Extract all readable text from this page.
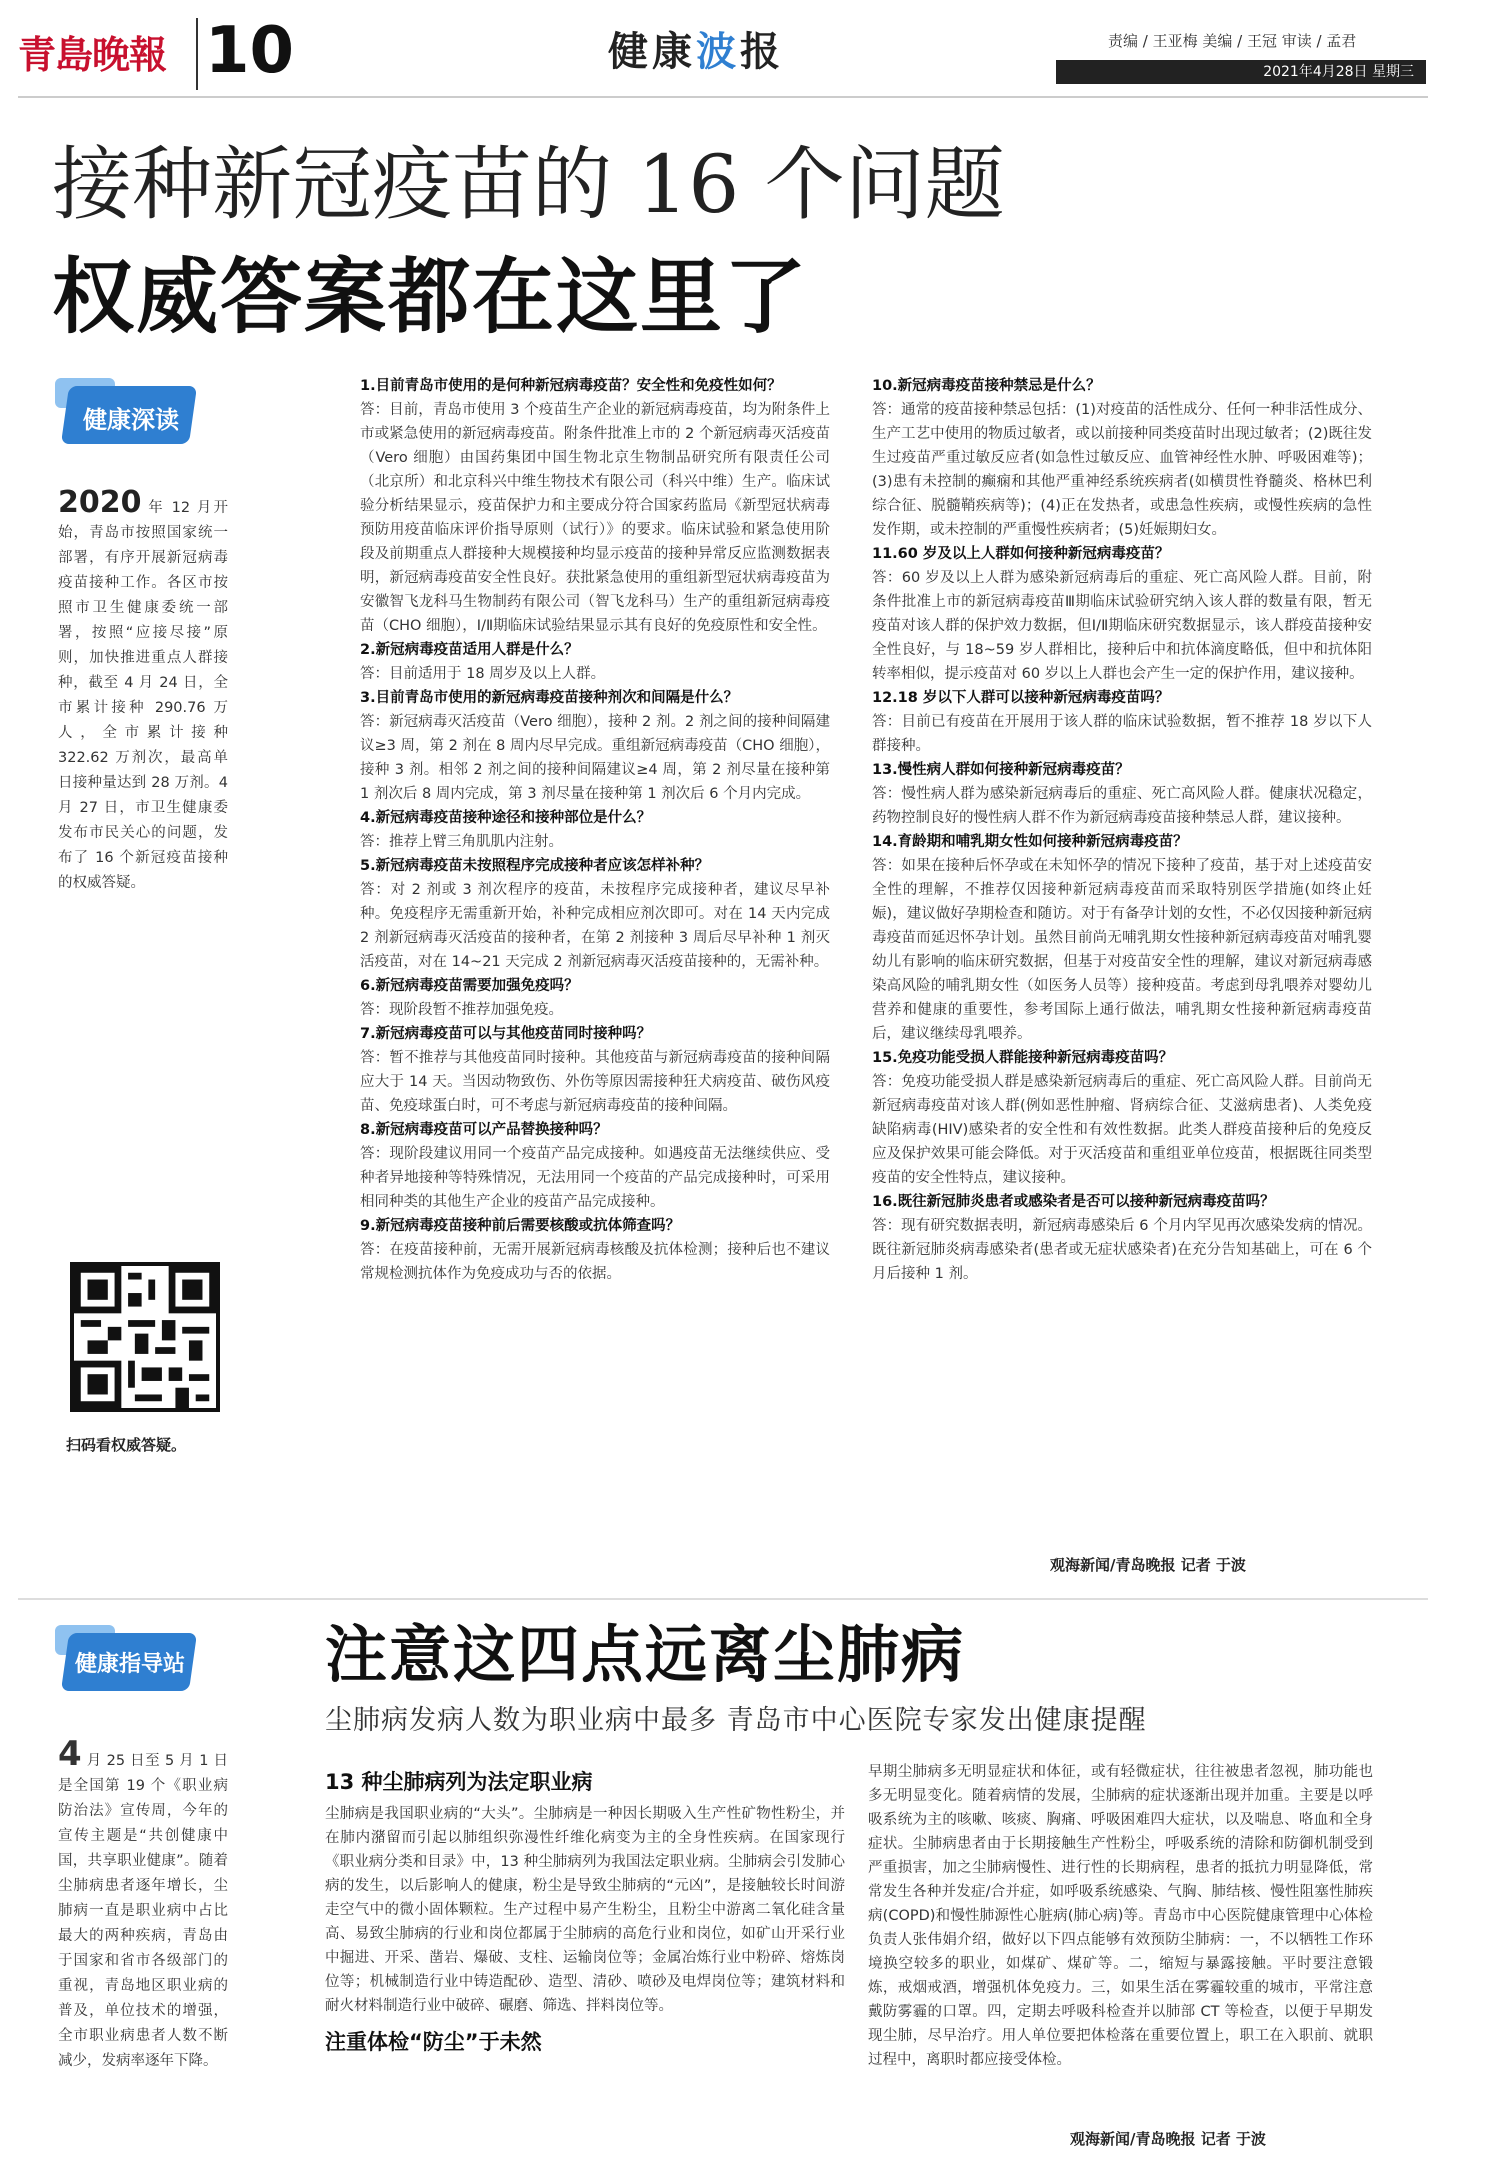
青島晚報 10	健康波报	责编 / 王亚梅 美编 / 王冠 审读 / 孟君
2021年4月28日 星期三
接种新冠疫苗的 16 个问题
权威答案都在这里了
健康深读
2020 年 12 月开始，青岛市按照国家统一部署，有序开展新冠病毒疫苗接种工作。各区市按照市卫生健康委统一部署，按照“应接尽接”原则，加快推进重点人群接种，截至 4 月 24 日，全市累计接种 290.76 万人，全市累计接种 322.62 万剂次，最高单日接种量达到 28 万剂。4 月 27 日，市卫生健康委发布市民关心的问题，发布了 16 个新冠疫苗接种的权威答疑。
扫码看权威答疑。
1.目前青岛市使用的是何种新冠病毒疫苗？安全性和免疫性如何？
答：目前，青岛市使用 3 个疫苗生产企业的新冠病毒疫苗，均为附条件上市或紧急使用的新冠病毒疫苗。附条件批准上市的 2 个新冠病毒灭活疫苗（Vero 细胞）由国药集团中国生物北京生物制品研究所有限责任公司（北京所）和北京科兴中维生物技术有限公司（科兴中维）生产。临床试验分析结果显示，疫苗保护力和主要成分符合国家药监局《新型冠状病毒预防用疫苗临床评价指导原则（试行）》的要求。临床试验和紧急使用阶段及前期重点人群接种大规模接种均显示疫苗的接种异常反应监测数据表明，新冠病毒疫苗安全性良好。获批紧急使用的重组新型冠状病毒疫苗为安徽智飞龙科马生物制药有限公司（智飞龙科马）生产的重组新冠病毒疫苗（CHO 细胞），Ⅰ/Ⅱ期临床试验结果显示其有良好的免疫原性和安全性。
2.新冠病毒疫苗适用人群是什么？
答：目前适用于 18 周岁及以上人群。
3.目前青岛市使用的新冠病毒疫苗接种剂次和间隔是什么？
答：新冠病毒灭活疫苗（Vero 细胞），接种 2 剂。2 剂之间的接种间隔建议≥3 周，第 2 剂在 8 周内尽早完成。重组新冠病毒疫苗（CHO 细胞），接种 3 剂。相邻 2 剂之间的接种间隔建议≥4 周，第 2 剂尽量在接种第 1 剂次后 8 周内完成，第 3 剂尽量在接种第 1 剂次后 6 个月内完成。
4.新冠病毒疫苗接种途径和接种部位是什么？
答：推荐上臂三角肌肌内注射。
5.新冠病毒疫苗未按照程序完成接种者应该怎样补种？
答：对 2 剂或 3 剂次程序的疫苗，未按程序完成接种者，建议尽早补种。免疫程序无需重新开始，补种完成相应剂次即可。对在 14 天内完成 2 剂新冠病毒灭活疫苗的接种者，在第 2 剂接种 3 周后尽早补种 1 剂灭活疫苗，对在 14~21 天完成 2 剂新冠病毒灭活疫苗接种的，无需补种。
6.新冠病毒疫苗需要加强免疫吗？
答：现阶段暂不推荐加强免疫。
7.新冠病毒疫苗可以与其他疫苗同时接种吗？
答：暂不推荐与其他疫苗同时接种。其他疫苗与新冠病毒疫苗的接种间隔应大于 14 天。当因动物致伤、外伤等原因需接种狂犬病疫苗、破伤风疫苗、免疫球蛋白时，可不考虑与新冠病毒疫苗的接种间隔。
8.新冠病毒疫苗可以产品替换接种吗？
答：现阶段建议用同一个疫苗产品完成接种。如遇疫苗无法继续供应、受种者异地接种等特殊情况，无法用同一个疫苗的产品完成接种时，可采用相同种类的其他生产企业的疫苗产品完成接种。
9.新冠病毒疫苗接种前后需要核酸或抗体筛查吗？
答：在疫苗接种前，无需开展新冠病毒核酸及抗体检测；接种后也不建议常规检测抗体作为免疫成功与否的依据。
10.新冠病毒疫苗接种禁忌是什么？
答：通常的疫苗接种禁忌包括：(1)对疫苗的活性成分、任何一种非活性成分、生产工艺中使用的物质过敏者，或以前接种同类疫苗时出现过敏者；(2)既往发生过疫苗严重过敏反应者(如急性过敏反应、血管神经性水肿、呼吸困难等)；(3)患有未控制的癫痫和其他严重神经系统疾病者(如横贯性脊髓炎、格林巴利综合征、脱髓鞘疾病等)；(4)正在发热者，或患急性疾病，或慢性疾病的急性发作期，或未控制的严重慢性疾病者；(5)妊娠期妇女。
11.60 岁及以上人群如何接种新冠病毒疫苗？
答：60 岁及以上人群为感染新冠病毒后的重症、死亡高风险人群。目前，附条件批准上市的新冠病毒疫苗Ⅲ期临床试验研究纳入该人群的数量有限，暂无疫苗对该人群的保护效力数据，但Ⅰ/Ⅱ期临床研究数据显示，该人群疫苗接种安全性良好，与 18~59 岁人群相比，接种后中和抗体滴度略低，但中和抗体阳转率相似，提示疫苗对 60 岁以上人群也会产生一定的保护作用，建议接种。
12.18 岁以下人群可以接种新冠病毒疫苗吗？
答：目前已有疫苗在开展用于该人群的临床试验数据，暂不推荐 18 岁以下人群接种。
13.慢性病人群如何接种新冠病毒疫苗？
答：慢性病人群为感染新冠病毒后的重症、死亡高风险人群。健康状况稳定，药物控制良好的慢性病人群不作为新冠病毒疫苗接种禁忌人群，建议接种。
14.育龄期和哺乳期女性如何接种新冠病毒疫苗？
答：如果在接种后怀孕或在未知怀孕的情况下接种了疫苗，基于对上述疫苗安全性的理解，不推荐仅因接种新冠病毒疫苗而采取特别医学措施(如终止妊娠)，建议做好孕期检查和随访。对于有备孕计划的女性，不必仅因接种新冠病毒疫苗而延迟怀孕计划。虽然目前尚无哺乳期女性接种新冠病毒疫苗对哺乳婴幼儿有影响的临床研究数据，但基于对疫苗安全性的理解，建议对新冠病毒感染高风险的哺乳期女性（如医务人员等）接种疫苗。考虑到母乳喂养对婴幼儿营养和健康的重要性，参考国际上通行做法，哺乳期女性接种新冠病毒疫苗后，建议继续母乳喂养。
15.免疫功能受损人群能接种新冠病毒疫苗吗？
答：免疫功能受损人群是感染新冠病毒后的重症、死亡高风险人群。目前尚无新冠病毒疫苗对该人群(例如恶性肿瘤、肾病综合征、艾滋病患者)、人类免疫缺陷病毒(HIV)感染者的安全性和有效性数据。此类人群疫苗接种后的免疫反应及保护效果可能会降低。对于灭活疫苗和重组亚单位疫苗，根据既往同类型疫苗的安全性特点，建议接种。
16.既往新冠肺炎患者或感染者是否可以接种新冠病毒疫苗吗？
答：现有研究数据表明，新冠病毒感染后 6 个月内罕见再次感染发病的情况。既往新冠肺炎病毒感染者(患者或无症状感染者)在充分告知基础上，可在 6 个月后接种 1 剂。
观海新闻/青岛晚报 记者 于波
健康指导站 注意这四点远离尘肺病
尘肺病发病人数为职业病中最多 青岛市中心医院专家发出健康提醒
4 月 25 日至 5 月 1 日是全国第 19 个《职业病防治法》宣传周，今年的宣传主题是“共创健康中国，共享职业健康”。随着尘肺病患者逐年增长，尘肺病一直是职业病中占比最大的两种疾病，青岛由于国家和省市各级部门的重视，青岛地区职业病的普及，单位技术的增强，全市职业病患者人数不断减少，发病率逐年下降。
13 种尘肺病列为法定职业病
尘肺病是我国职业病的“大头”。尘肺病是一种因长期吸入生产性矿物性粉尘，并在肺内潴留而引起以肺组织弥漫性纤维化病变为主的全身性疾病。在国家现行《职业病分类和目录》中，13 种尘肺病列为我国法定职业病。尘肺病会引发肺心病的发生，以后影响人的健康，粉尘是导致尘肺病的“元凶”，是接触较长时间游走空气中的微小固体颗粒。生产过程中易产生粉尘，且粉尘中游离二氧化硅含量高、易致尘肺病的行业和岗位都属于尘肺病的高危行业和岗位，如矿山开采行业中掘进、开采、凿岩、爆破、支柱、运输岗位等；金属冶炼行业中粉碎、熔炼岗位等；机械制造行业中铸造配砂、造型、清砂、喷砂及电焊岗位等；建筑材料和耐火材料制造行业中破碎、碾磨、筛选、拌料岗位等。
注重体检“防尘”于未然
早期尘肺病多无明显症状和体征，或有轻微症状，往往被患者忽视，肺功能也多无明显变化。随着病情的发展，尘肺病的症状逐渐出现并加重。主要是以呼吸系统为主的咳嗽、咳痰、胸痛、呼吸困难四大症状，以及喘息、咯血和全身症状。尘肺病患者由于长期接触生产性粉尘，呼吸系统的清除和防御机制受到严重损害，加之尘肺病慢性、进行性的长期病程，患者的抵抗力明显降低，常常发生各种并发症/合并症，如呼吸系统感染、气胸、肺结核、慢性阻塞性肺疾病(COPD)和慢性肺源性心脏病(肺心病)等。青岛市中心医院健康管理中心体检负责人张伟娟介绍，做好以下四点能够有效预防尘肺病：一，不以牺牲工作环境换空较多的职业，如煤矿、煤矿等。二，缩短与暴露接触。平时要注意锻炼，戒烟戒酒，增强机体免疫力。三，如果生活在雾霾较重的城市，平常注意戴防雾霾的口罩。四，定期去呼吸科检查并以肺部 CT 等检查，以便于早期发现尘肺，尽早治疗。用人单位要把体检落在重要位置上，职工在入职前、就职过程中，离职时都应接受体检。
观海新闻/青岛晚报 记者 于波
